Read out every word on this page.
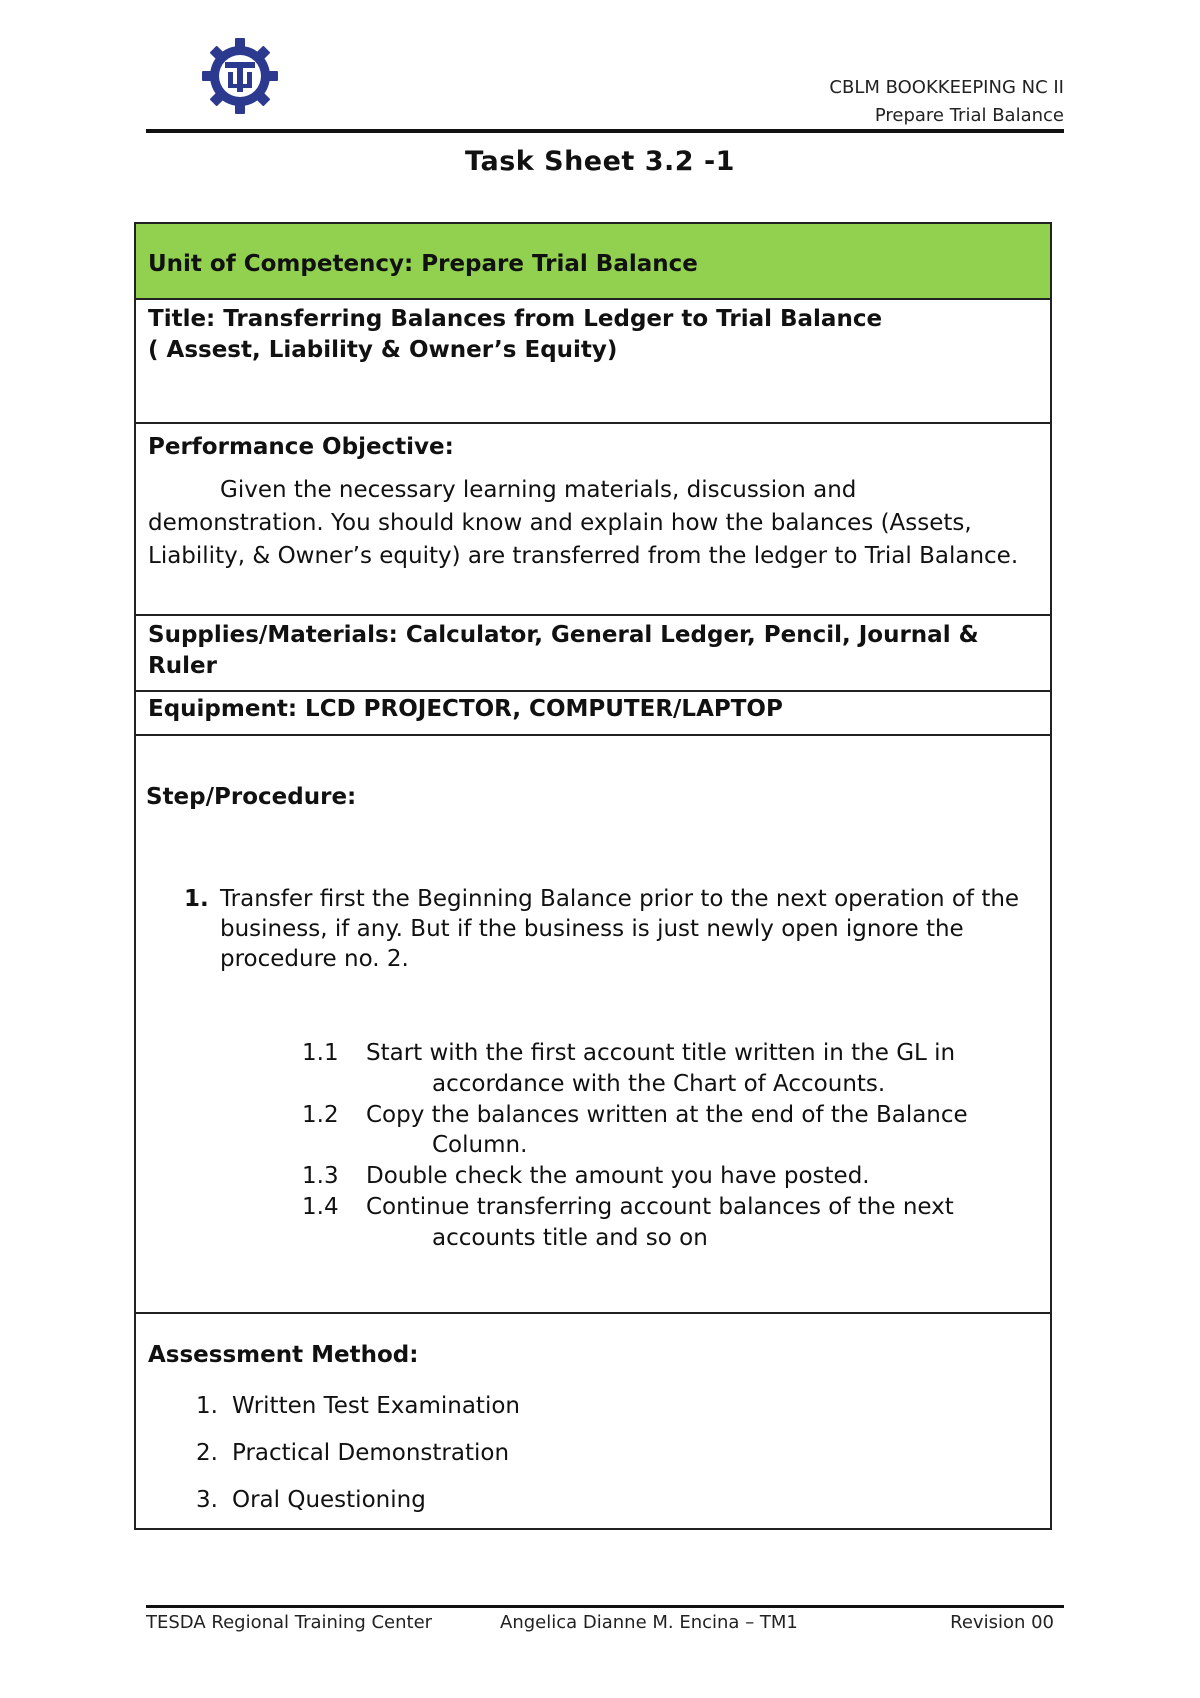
CBLM BOOKKEEPING NC II
Prepare Trial Balance
Task Sheet 3.2 -1
Unit of Competency: Prepare Trial Balance
Title: Transferring Balances from Ledger to Trial Balance
( Assest, Liability & Owner’s Equity)
Performance Objective:
Given the necessary learning materials, discussion and demonstration. You should know and explain how the balances (Assets, Liability, & Owner’s equity) are transferred from the ledger to Trial Balance.
Supplies/Materials: Calculator, General Ledger, Pencil, Journal & Ruler
Equipment: LCD PROJECTOR, COMPUTER/LAPTOP
Step/Procedure:
1. Transfer first the Beginning Balance prior to the next operation of the business, if any. But if the business is just newly open ignore the procedure no. 2.
1.1	Start with the first account title written in the GL in
accordance with the Chart of Accounts.
1.2	Copy the balances written at the end of the Balance
Column.
1.3	Double check the amount you have posted.
1.4	Continue transferring account balances of the next
accounts title and so on
Assessment Method:
1. Written Test Examination
2. Practical Demonstration
3. Oral Questioning
TESDA Regional Training Center	Angelica Dianne M. Encina – TM1	Revision 00
